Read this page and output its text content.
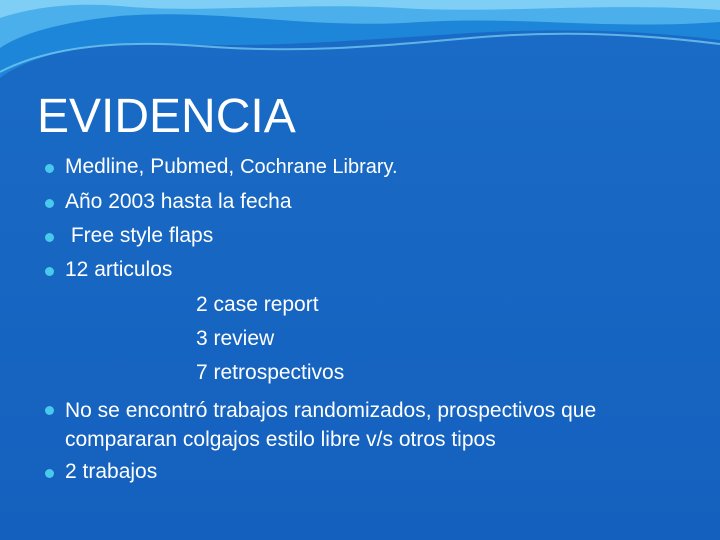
EVIDENCIA
Medline, Pubmed, Cochrane Library.
Año 2003 hasta la fecha
Free style flaps
12 articulos
2 case report
3 review
7 retrospectivos
No se encontró trabajos randomizados, prospectivos que compararan colgajos estilo libre v/s otros tipos
2 trabajos
